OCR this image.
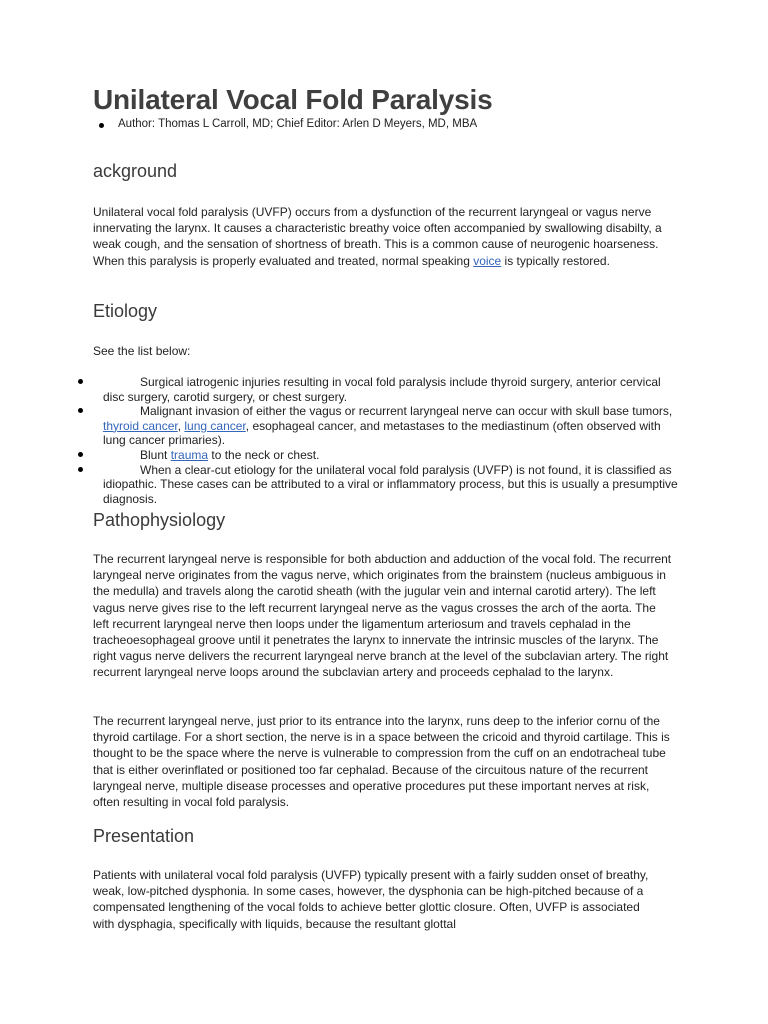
Unilateral Vocal Fold Paralysis
Author: Thomas L Carroll, MD; Chief Editor: Arlen D Meyers, MD, MBA
ackground

Unilateral vocal fold paralysis (UVFP) occurs from a dysfunction of the recurrent laryngeal or vagus nerve innervating the larynx. It causes a characteristic breathy voice often accompanied by swallowing disabilty, a weak cough, and the sensation of shortness of breath. This is a common cause of neurogenic hoarseness. When this paralysis is properly evaluated and treated, normal speaking voice is typically restored.

Etiology

See the list below:

Surgical iatrogenic injuries resulting in vocal fold paralysis include thyroid surgery, anterior cervical disc surgery, carotid surgery, or chest surgery.
Malignant invasion of either the vagus or recurrent laryngeal nerve can occur with skull base tumors, thyroid cancer, lung cancer, esophageal cancer, and metastases to the mediastinum (often observed with lung cancer primaries).
Blunt trauma to the neck or chest.
When a clear-cut etiology for the unilateral vocal fold paralysis (UVFP) is not found, it is classified as idiopathic. These cases can be attributed to a viral or inflammatory process, but this is usually a presumptive diagnosis.
Pathophysiology

The recurrent laryngeal nerve is responsible for both abduction and adduction of the vocal fold. The recurrent laryngeal nerve originates from the vagus nerve, which originates from the brainstem (nucleus ambiguous in the medulla) and travels along the carotid sheath (with the jugular vein and internal carotid artery). The left vagus nerve gives rise to the left recurrent laryngeal nerve as the vagus crosses the arch of the aorta. The left recurrent laryngeal nerve then loops under the ligamentum arteriosum and travels cephalad in the tracheoesophageal groove until it penetrates the larynx to innervate the intrinsic muscles of the larynx. The right vagus nerve delivers the recurrent laryngeal nerve branch at the level of the subclavian artery. The right recurrent laryngeal nerve loops around the subclavian artery and proceeds cephalad to the larynx.

The recurrent laryngeal nerve, just prior to its entrance into the larynx, runs deep to the inferior cornu of the thyroid cartilage. For a short section, the nerve is in a space between the cricoid and thyroid cartilage. This is thought to be the space where the nerve is vulnerable to compression from the cuff on an endotracheal tube that is either overinflated or positioned too far cephalad. Because of the circuitous nature of the recurrent laryngeal nerve, multiple disease processes and operative procedures put these important nerves at risk, often resulting in vocal fold paralysis.

Presentation

Patients with unilateral vocal fold paralysis (UVFP) typically present with a fairly sudden onset of breathy, weak, low-pitched dysphonia. In some cases, however, the dysphonia can be high-pitched because of a compensated lengthening of the vocal folds to achieve better glottic closure. Often, UVFP is associated with dysphagia, specifically with liquids, because the resultant glottal
